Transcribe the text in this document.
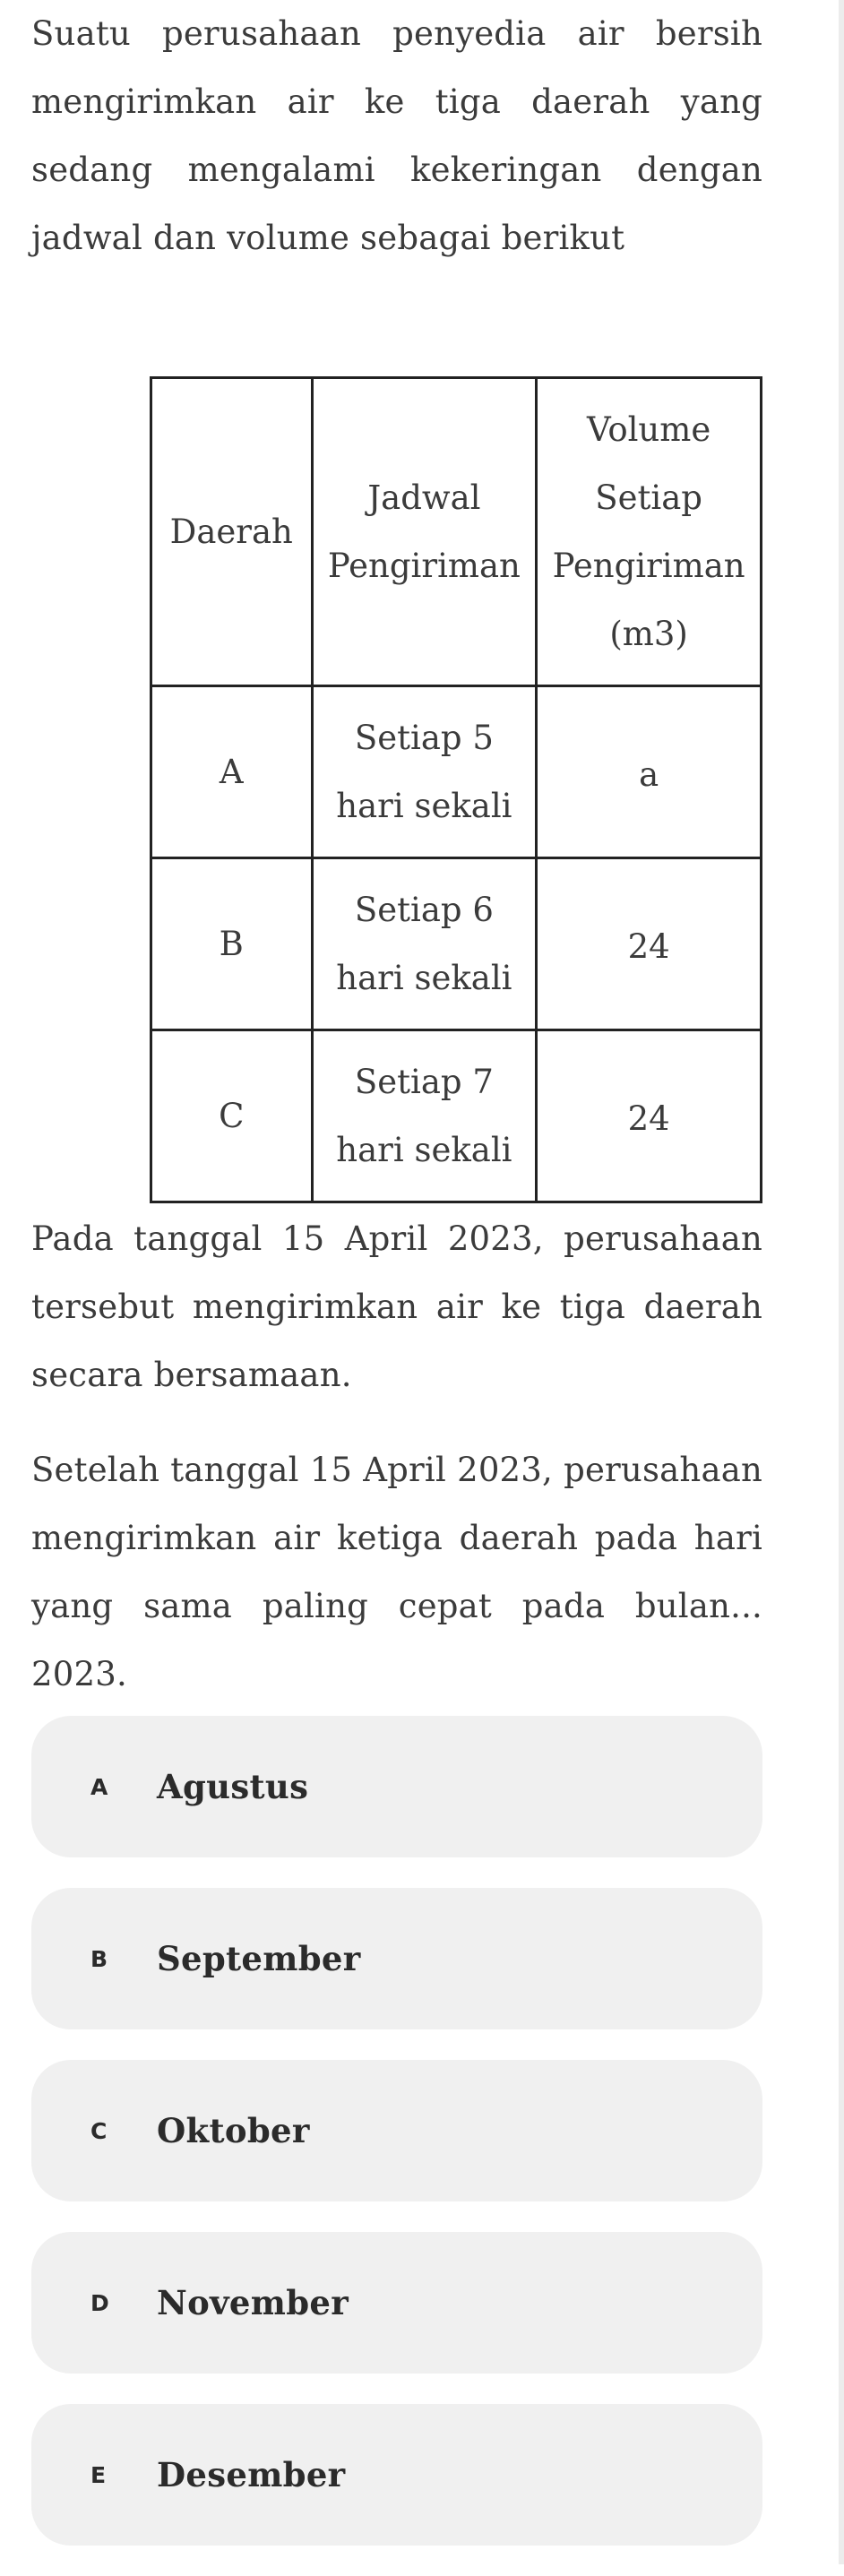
Suatu perusahaan penyedia air bersih mengirimkan air ke tiga daerah yang sedang mengalami kekeringan dengan jadwal dan volume sebagai berikut

Pada tanggal 15 April 2023, perusahaan tersebut mengirimkan air ke tiga daerah secara bersamaan.

Setelah tanggal 15 April 2023, perusahaan mengirimkan air ketiga daerah pada hari yang sama paling cepat pada bulan... 2023.

Daerah	Jadwal Pengiriman	Volume Setiap Pengiriman (m3)
A	Setiap 5 hari sekali	a
B	Setiap 6 hari sekali	24
C	Setiap 7 hari sekali	24
A	Agustus
B	September
C	Oktober
D	November
E	Desember
